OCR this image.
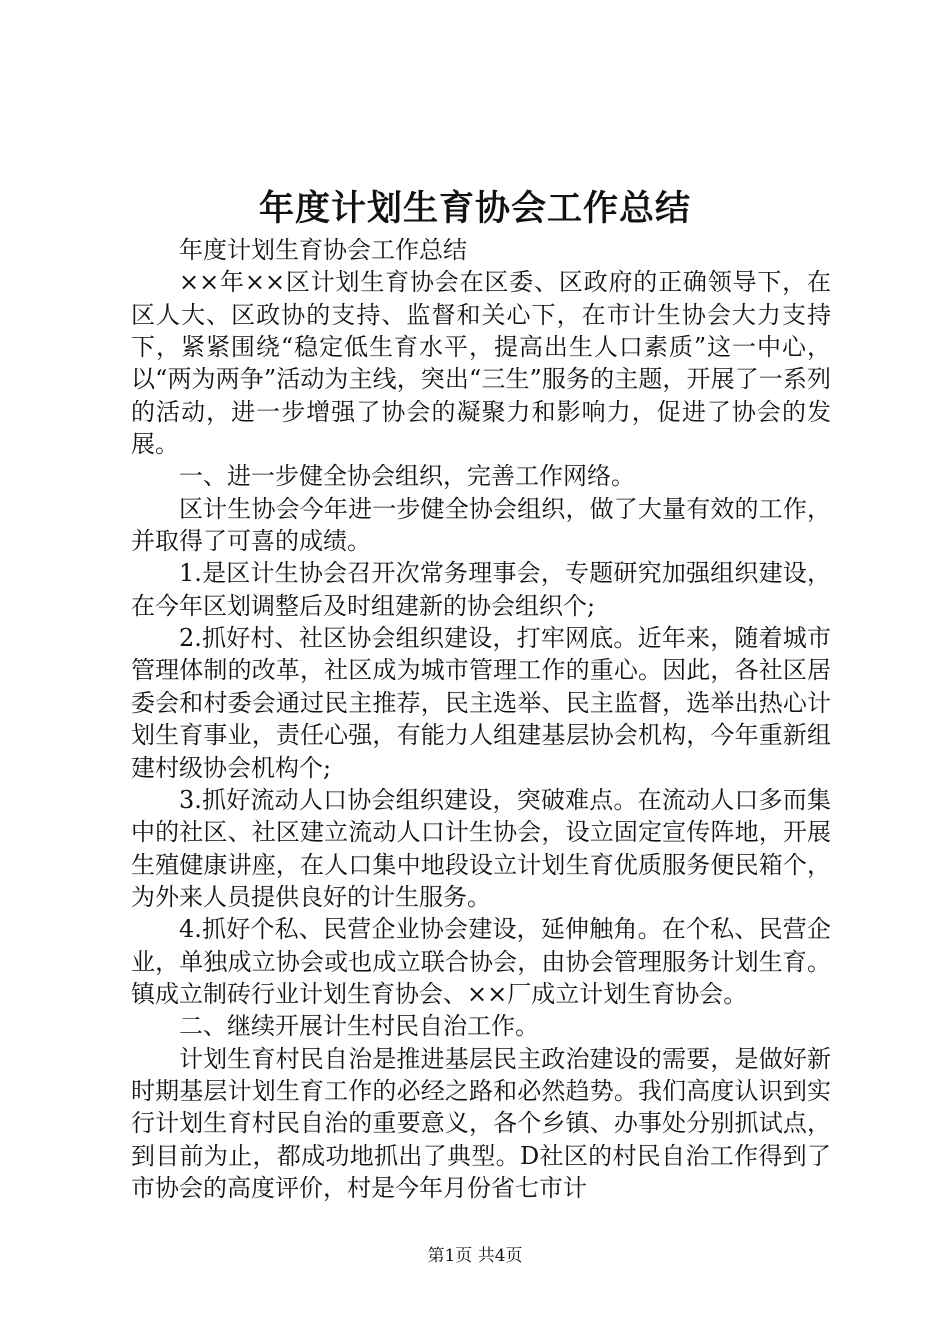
年度计划生育协会工作总结

年度计划生育协会工作总结

××年××区计划生育协会在区委、区政府的正确领导下，在区人大、区政协的支持、监督和关心下，在市计生协会大力支持下，紧紧围绕“稳定低生育水平，提高出生人口素质”这一中心，以“两为两争”活动为主线，突出“三生”服务的主题，开展了一系列的活动，进一步增强了协会的凝聚力和影响力，促进了协会的发展。

一、进一步健全协会组织，完善工作网络。

区计生协会今年进一步健全协会组织，做了大量有效的工作，并取得了可喜的成绩。

1.是区计生协会召开次常务理事会，专题研究加强组织建设，在今年区划调整后及时组建新的协会组织个;

2.抓好村、社区协会组织建设，打牢网底。近年来，随着城市管理体制的改革，社区成为城市管理工作的重心。因此，各社区居委会和村委会通过民主推荐，民主选举、民主监督，选举出热心计划生育事业，责任心强，有能力人组建基层协会机构，今年重新组建村级协会机构个;

3.抓好流动人口协会组织建设，突破难点。在流动人口多而集中的社区、社区建立流动人口计生协会，设立固定宣传阵地，开展生殖健康讲座，在人口集中地段设立计划生育优质服务便民箱个，为外来人员提供良好的计生服务。

4.抓好个私、民营企业协会建设，延伸触角。在个私、民营企业，单独成立协会或也成立联合协会，由协会管理服务计划生育。镇成立制砖行业计划生育协会、××厂成立计划生育协会。

二、继续开展计生村民自治工作。

计划生育村民自治是推进基层民主政治建设的需要，是做好新时期基层计划生育工作的必经之路和必然趋势。我们高度认识到实行计划生育村民自治的重要意义，各个乡镇、办事处分别抓试点，到目前为止，都成功地抓出了典型。D社区的村民自治工作得到了市协会的高度评价，村是今年月份省七市计

第1页 共4页
